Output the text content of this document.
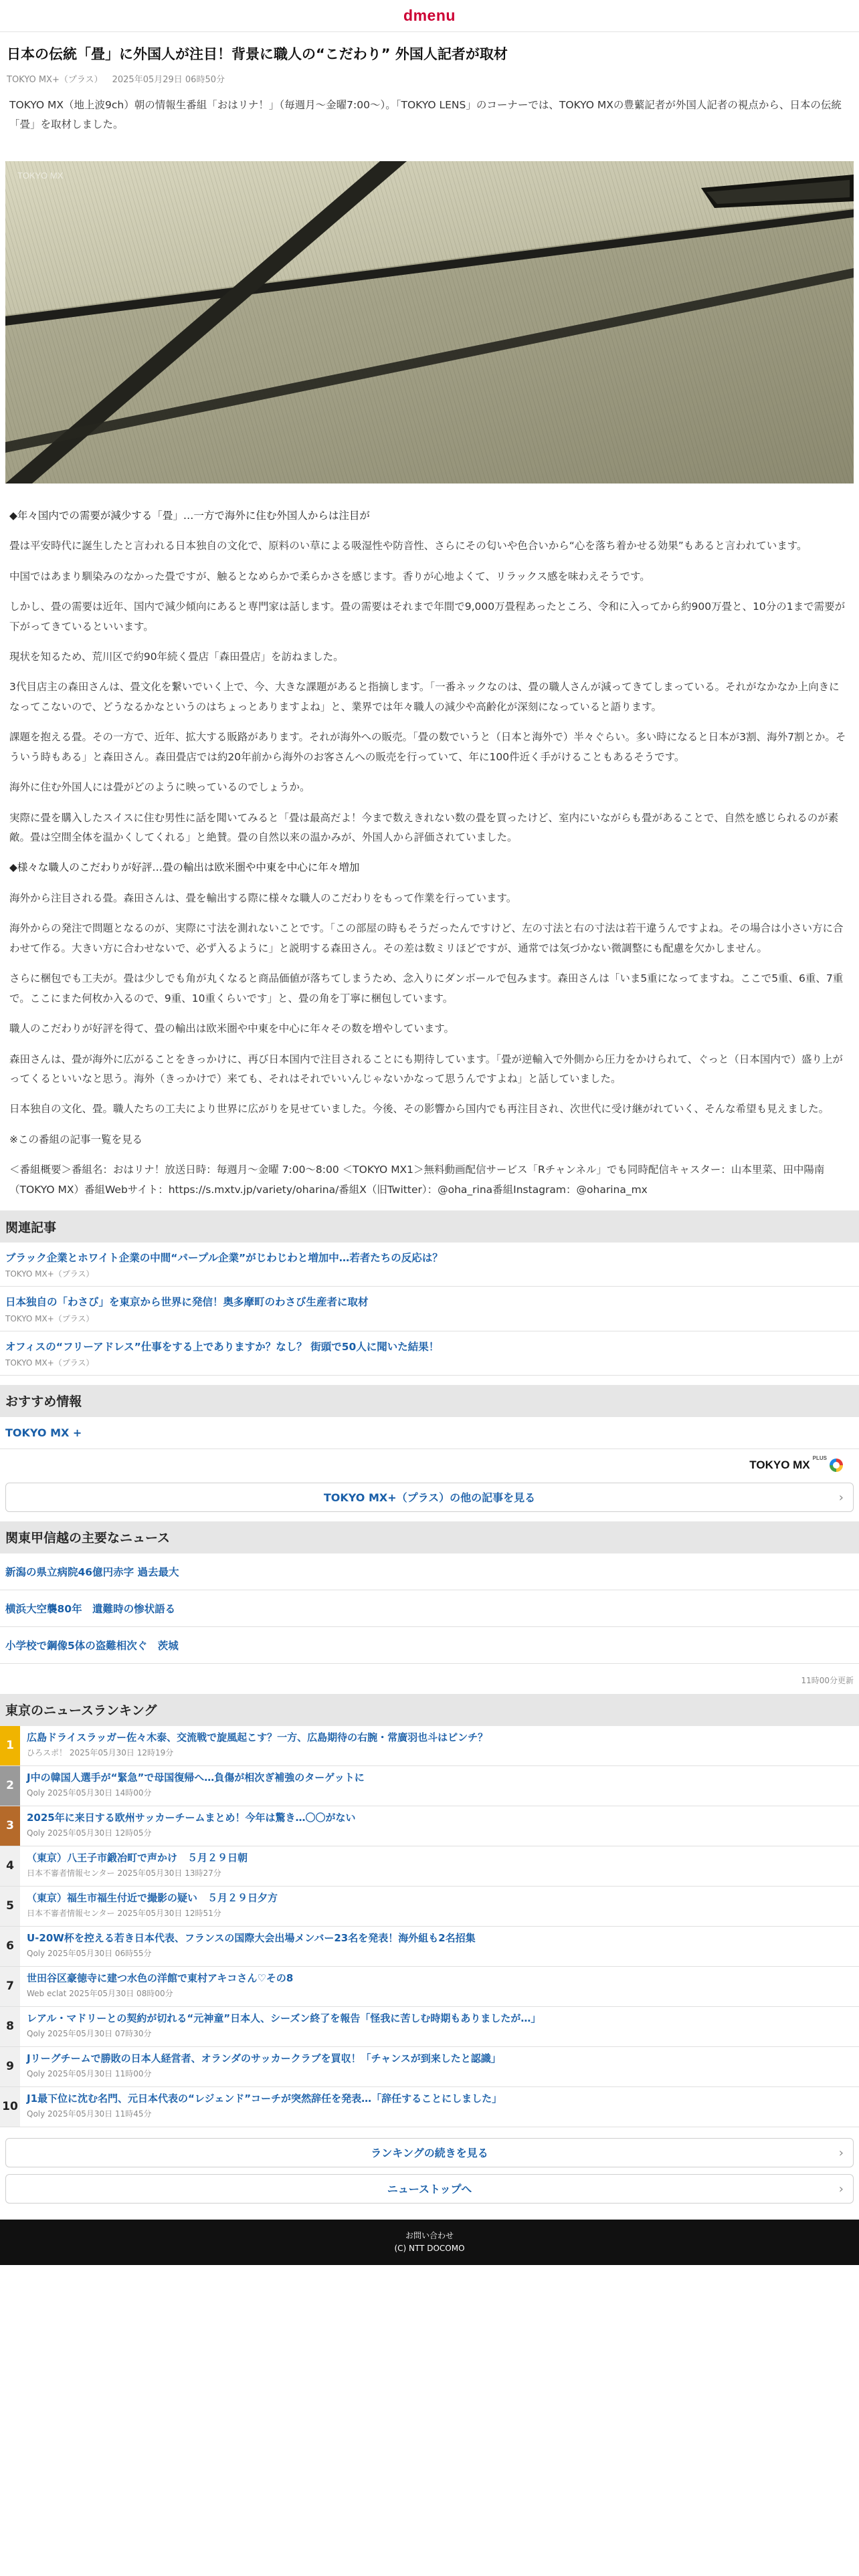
dmenu
日本の伝統「畳」に外国人が注目！背景に職人の“こだわり” 外国人記者が取材
TOKYO MX+（プラス） 2025年05月29日 06時50分

TOKYO MX（地上波9ch）朝の情報生番組「おはリナ！」（毎週月〜金曜7:00〜）。「TOKYO LENS」のコーナーでは、TOKYO MXの豊蘩記者が外国人記者の視点から、日本の伝統「畳」を取材しました。

TOKYO MX

◆年々国内での需要が減少する「畳」…一方で海外に住む外国人からは注目が

畳は平安時代に誕生したと言われる日本独自の文化で、原料のい草による吸湿性や防音性、さらにその匂いや色合いから“心を落ち着かせる効果”もあると言われています。

中国ではあまり馴染みのなかった畳ですが、触るとなめらかで柔らかさを感じます。香りが心地よくて、リラックス感を味わえそうです。

しかし、畳の需要は近年、国内で減少傾向にあると専門家は話します。畳の需要はそれまで年間で9,000万畳程あったところ、令和に入ってから約900万畳と、10分の1まで需要が下がってきているといいます。

現状を知るため、荒川区で約90年続く畳店「森田畳店」を訪ねました。

3代目店主の森田さんは、畳文化を繋いでいく上で、今、大きな課題があると指摘します。「一番ネックなのは、畳の職人さんが減ってきてしまっている。それがなかなか上向きになってこないので、どうなるかなというのはちょっとありますよね」と、業界では年々職人の減少や高齢化が深刻になっていると語ります。

課題を抱える畳。その一方で、近年、拡大する販路があります。それが海外への販売。「畳の数でいうと（日本と海外で）半々ぐらい。多い時になると日本が3割、海外7割とか。そういう時もある」と森田さん。森田畳店では約20年前から海外のお客さんへの販売を行っていて、年に100件近く手がけることもあるそうです。

海外に住む外国人には畳がどのように映っているのでしょうか。

実際に畳を購入したスイスに住む男性に話を聞いてみると「畳は最高だよ！今まで数えきれない数の畳を買ったけど、室内にいながらも畳があることで、自然を感じられるのが素敵。畳は空間全体を温かくしてくれる」と絶賛。畳の自然以来の温かみが、外国人から評価されていました。

◆様々な職人のこだわりが好評…畳の輸出は欧米圏や中東を中心に年々増加

海外から注目される畳。森田さんは、畳を輸出する際に様々な職人のこだわりをもって作業を行っています。

海外からの発注で問題となるのが、実際に寸法を測れないことです。「この部屋の時もそうだったんですけど、左の寸法と右の寸法は若干違うんですよね。その場合は小さい方に合わせて作る。大きい方に合わせないで、必ず入るように」と説明する森田さん。その差は数ミリほどですが、通常では気づかない微調整にも配慮を欠かしません。

さらに梱包でも工夫が。畳は少しでも角が丸くなると商品価値が落ちてしまうため、念入りにダンボールで包みます。森田さんは「いま5重になってますね。ここで5重、6重、7重で。ここにまた何枚か入るので、9重、10重くらいです」と、畳の角を丁寧に梱包しています。

職人のこだわりが好評を得て、畳の輸出は欧米圏や中東を中心に年々その数を増やしています。

森田さんは、畳が海外に広がることをきっかけに、再び日本国内で注目されることにも期待しています。「畳が逆輸入で外側から圧力をかけられて、ぐっと（日本国内で）盛り上がってくるといいなと思う。海外（きっかけで）来ても、それはそれでいいんじゃないかなって思うんですよね」と話していました。

日本独自の文化、畳。職人たちの工夫により世界に広がりを見せていました。今後、その影響から国内でも再注目され、次世代に受け継がれていく、そんな希望も見えました。

※この番組の記事一覧を見る

＜番組概要＞番組名：おはリナ！放送日時：毎週月〜金曜 7:00〜8:00 ＜TOKYO MX1＞無料動画配信サービス「Rチャンネル」でも同時配信キャスター：山本里菜、田中陽南（TOKYO MX）番組Webサイト：https://s.mxtv.jp/variety/oharina/番組X（旧Twitter）：@oha_rina番組Instagram：@oharina_mx

関連記事
ブラック企業とホワイト企業の中間“パープル企業”がじわじわと増加中…若者たちの反応は？
TOKYO MX+（プラス）
日本独自の「わさび」を東京から世界に発信！奥多摩町のわさび生産者に取材
TOKYO MX+（プラス）
オフィスの“フリーアドレス”仕事をする上でありますか？なし？ 街頭で50人に聞いた結果！
TOKYO MX+（プラス）
おすすめ情報
TOKYO MX +
TOKYO MX PLUS
TOKYO MX+（プラス）の他の記事を見る	›
関東甲信越の主要なニュース
新潟の県立病院46億円赤字 過去最大
横浜大空襲80年　遺難時の惨状語る
小学校で鋼像5体の盗難相次ぐ　茨城
11時00分更新
東京のニュースランキング
1
広島ドライスラッガー佐々木泰、交流戦で旋風起こす？一方、広島期待の右腕・常廣羽也斗はピンチ？
ひろスポ！ 2025年05月30日 12時19分
2
J中の韓国人選手が“緊急”で母国復帰へ…負傷が相次ぎ補強のターゲットに
Qoly 2025年05月30日 14時00分
3
2025年に来日する欧州サッカーチームまとめ！今年は驚き…〇〇がない
Qoly 2025年05月30日 12時05分
4
（東京）八王子市鍛冶町で声かけ　５月２９日朝
日本不審者情報センター 2025年05月30日 13時27分
5
（東京）福生市福生付近で撮影の疑い　５月２９日夕方
日本不審者情報センター 2025年05月30日 12時51分
6
U-20W杯を控える若き日本代表、フランスの国際大会出場メンバー23名を発表！海外組も2名招集
Qoly 2025年05月30日 06時55分
7
世田谷区豪徳寺に建つ水色の洋館で東村アキコさん♡その8
Web eclat 2025年05月30日 08時00分
8
レアル・マドリーとの契約が切れる“元神童”日本人、シーズン終了を報告「怪我に苦しむ時期もありましたが…」
Qoly 2025年05月30日 07時30分
9
Jリーグチームで勝敗の日本人経営者、オランダのサッカークラブを買収！「チャンスが到来したと認識」
Qoly 2025年05月30日 11時00分
10
J1最下位に沈む名門、元日本代表の“レジェンド”コーチが突然辞任を発表…「辞任することにしました」
Qoly 2025年05月30日 11時45分
ランキングの続きを見る	›
ニューストップへ	›
お問い合わせ
(C) NTT DOCOMO
